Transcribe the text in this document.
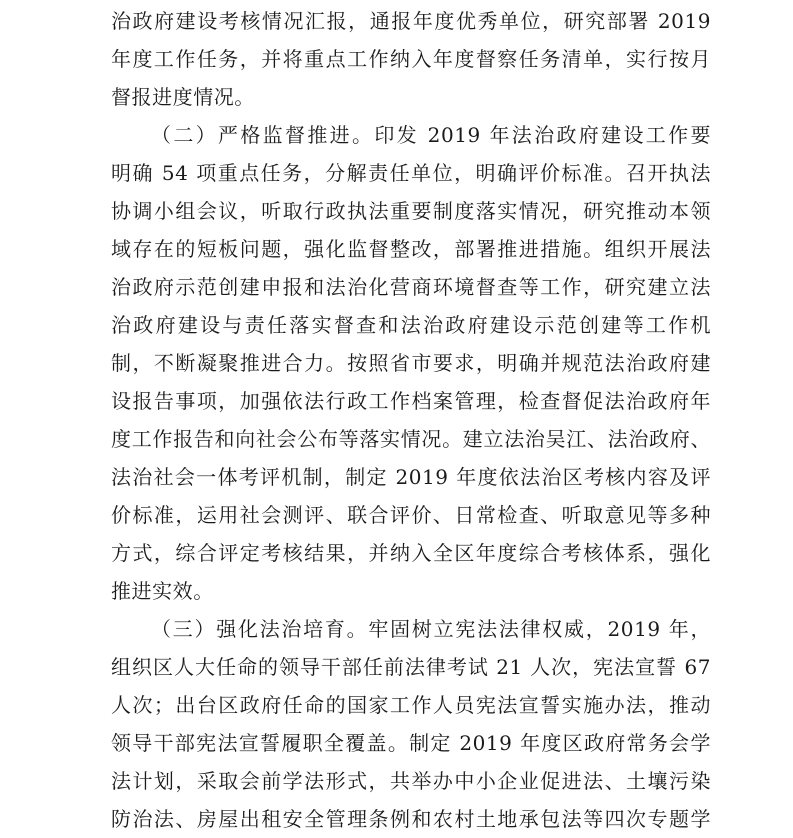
治政府建设考核情况汇报，通报年度优秀单位，研究部署 2019
年度工作任务，并将重点工作纳入年度督察任务清单，实行按月
督报进度情况。
（二）严格监督推进。印发 2019 年法治政府建设工作要
明确 54 项重点任务，分解责任单位，明确评价标准。召开执法
协调小组会议，听取行政执法重要制度落实情况，研究推动本领
域存在的短板问题，强化监督整改，部署推进措施。组织开展法
治政府示范创建申报和法治化营商环境督查等工作，研究建立法
治政府建设与责任落实督查和法治政府建设示范创建等工作机
制，不断凝聚推进合力。按照省市要求，明确并规范法治政府建
设报告事项，加强依法行政工作档案管理，检查督促法治政府年
度工作报告和向社会公布等落实情况。建立法治吴江、法治政府、
法治社会一体考评机制，制定 2019 年度依法治区考核内容及评
价标准，运用社会测评、联合评价、日常检查、听取意见等多种
方式，综合评定考核结果，并纳入全区年度综合考核体系，强化
推进实效。
（三）强化法治培育。牢固树立宪法法律权威，2019 年，
组织区人大任命的领导干部任前法律考试 21 人次，宪法宣誓 67
人次；出台区政府任命的国家工作人员宪法宣誓实施办法，推动
领导干部宪法宣誓履职全覆盖。制定 2019 年度区政府常务会学
法计划，采取会前学法形式，共举办中小企业促进法、土壤污染
防治法、房屋出租安全管理条例和农村土地承包法等四次专题学
